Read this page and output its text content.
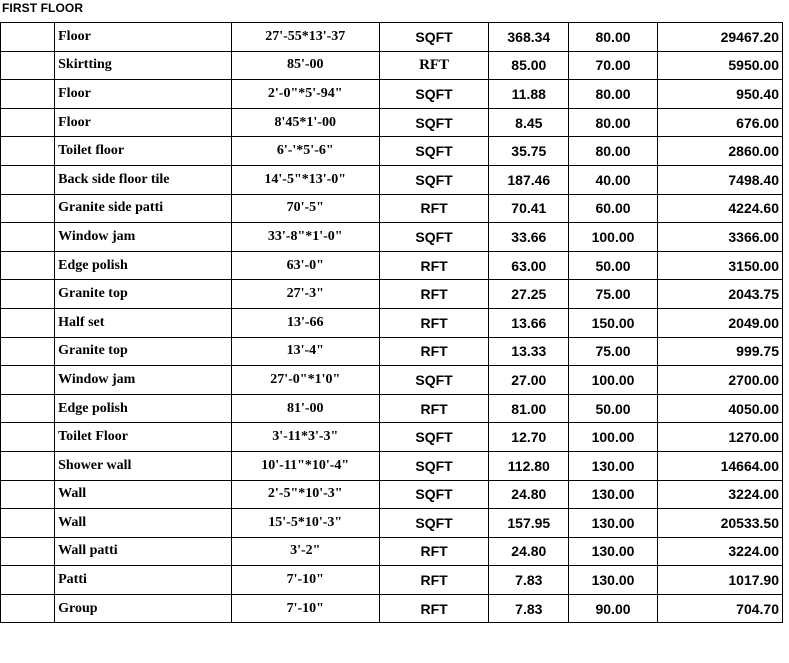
FIRST FLOOR
	Floor	27'-55*13'-37	SQFT	368.34	80.00	29467.20
	Skirtting	85'-00	RFT	85.00	70.00	5950.00
	Floor	2'-0"*5'-94"	SQFT	11.88	80.00	950.40
	Floor	8'45*1'-00	SQFT	8.45	80.00	676.00
	Toilet floor	6'-'*5'-6"	SQFT	35.75	80.00	2860.00
	Back side floor tile	14'-5"*13'-0"	SQFT	187.46	40.00	7498.40
	Granite side patti	70'-5"	RFT	70.41	60.00	4224.60
	Window jam	33'-8"*1'-0"	SQFT	33.66	100.00	3366.00
	Edge polish	63'-0"	RFT	63.00	50.00	3150.00
	Granite top	27'-3"	RFT	27.25	75.00	2043.75
	Half set	13'-66	RFT	13.66	150.00	2049.00
	Granite top	13'-4"	RFT	13.33	75.00	999.75
	Window jam	27'-0"*1'0"	SQFT	27.00	100.00	2700.00
	Edge polish	81'-00	RFT	81.00	50.00	4050.00
	Toilet Floor	3'-11*3'-3"	SQFT	12.70	100.00	1270.00
	Shower wall	10'-11"*10'-4"	SQFT	112.80	130.00	14664.00
	Wall	2'-5"*10'-3"	SQFT	24.80	130.00	3224.00
	Wall	15'-5*10'-3"	SQFT	157.95	130.00	20533.50
	Wall patti	3'-2"	RFT	24.80	130.00	3224.00
	Patti	7'-10"	RFT	7.83	130.00	1017.90
	Group	7'-10"	RFT	7.83	90.00	704.70
